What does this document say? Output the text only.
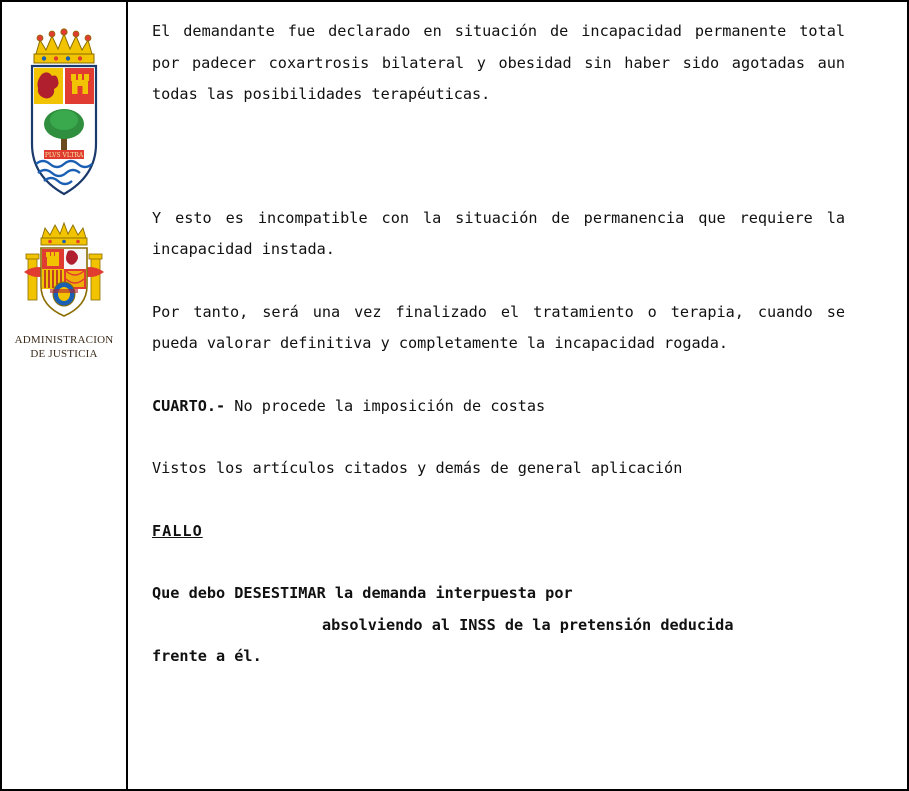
PLVS VLTRA
ADMINISTRACION
DE JUSTICIA

El demandante fue declarado en situación de incapacidad permanente total por padecer coxartrosis bilateral y obesidad sin haber sido agotadas aun todas las posibilidades terapéuticas.

Y esto es incompatible con la situación de permanencia que requiere la incapacidad instada.

Por tanto, será una vez finalizado el tratamiento o terapia, cuando se pueda valorar definitiva y completamente la incapacidad rogada.

CUARTO.- No procede la imposición de costas

Vistos los artículos citados y demás de general aplicación

FALLO

Que debo DESESTIMAR la demanda interpuesta por
absolviendo al INSS de la pretensión deducida
frente a él.
